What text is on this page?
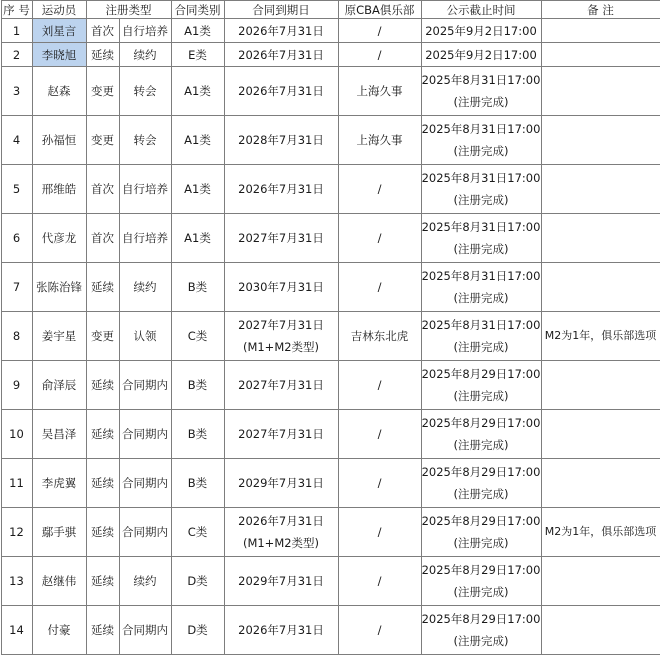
序 号	运动员	注册类型		合同类别	合同到期日	原CBA俱乐部	公示截止时间	备 注

1	刘星言	首次	自行培养	A1类	2026年7月31日	/	2025年9月2日17:00	

2	李晓旭	延续	续约	E类	2026年7月31日	/	2025年9月2日17:00	

3	赵森	变更	转会	A1类	2026年7月31日	上海久事	2025年8月31日17:00
(注册完成)	

4	孙福恒	变更	转会	A1类	2028年7月31日	上海久事	2025年8月31日17:00
(注册完成)	

5	邢维皓	首次	自行培养	A1类	2026年7月31日	/	2025年8月31日17:00
(注册完成)	

6	代彦龙	首次	自行培养	A1类	2027年7月31日	/	2025年8月31日17:00
(注册完成)	

7	张陈治锋	延续	续约	B类	2030年7月31日	/	2025年8月31日17:00
(注册完成)	

8	姜宇星	变更	认领	C类	2027年7月31日
(M1+M2类型)	吉林东北虎	2025年8月31日17:00
(注册完成)	M2为1年，俱乐部选项

9	俞泽辰	延续	合同期内	B类	2027年7月31日	/	2025年8月29日17:00
(注册完成)	

10	吴昌泽	延续	合同期内	B类	2027年7月31日	/	2025年8月29日17:00
(注册完成)	

11	李虎翼	延续	合同期内	B类	2029年7月31日	/	2025年8月29日17:00
(注册完成)	

12	鄢手骐	延续	合同期内	C类	2026年7月31日
(M1+M2类型)	/	2025年8月29日17:00
(注册完成)	M2为1年，俱乐部选项

13	赵继伟	延续	续约	D类	2029年7月31日	/	2025年8月29日17:00
(注册完成)	

14	付豪	延续	合同期内	D类	2026年7月31日	/	2025年8月29日17:00
(注册完成)	
